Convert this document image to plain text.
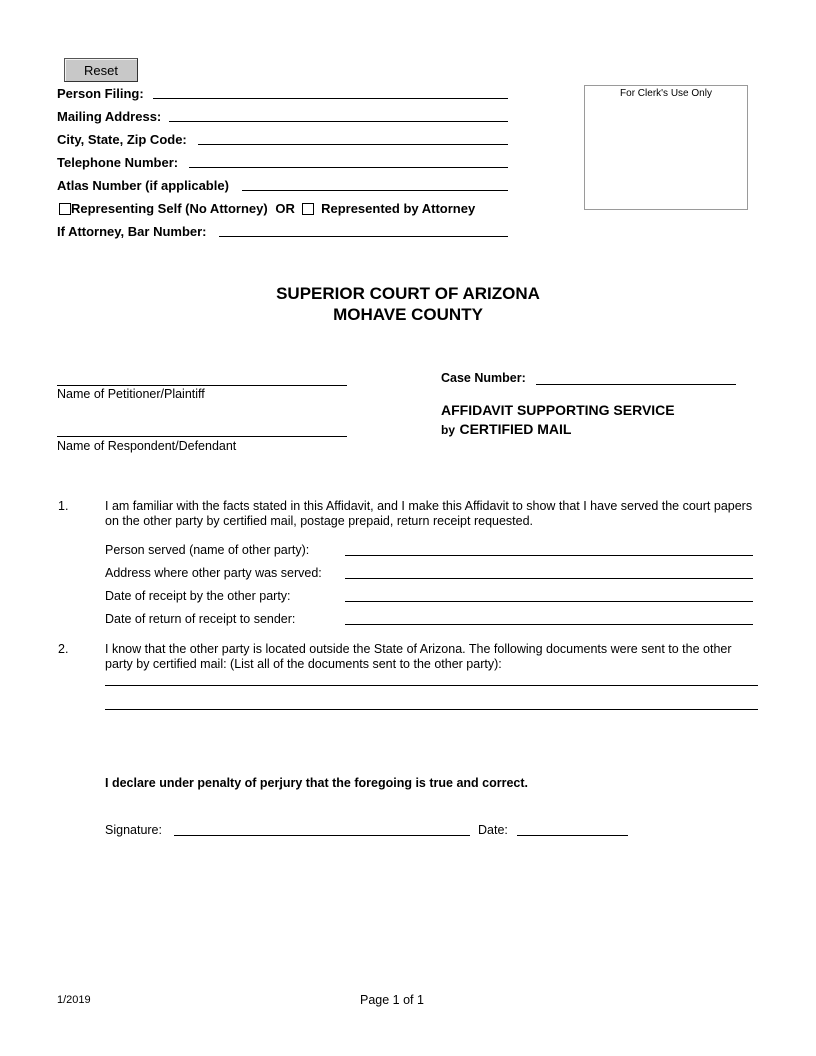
Reset
Person Filing:
Mailing Address:
City, State, Zip Code:
Telephone Number:
Atlas Number (if applicable)
Representing Self (No Attorney) OR Represented by Attorney
If Attorney, Bar Number:
For Clerk's Use Only
SUPERIOR COURT OF ARIZONA
MOHAVE COUNTY
Name of Petitioner/Plaintiff
Name of Respondent/Defendant
Case Number:
AFFIDAVIT SUPPORTING SERVICE
by CERTIFIED MAIL
1.	I am familiar with the facts stated in this Affidavit, and I make this Affidavit to show that I have served the court papers on the other party by certified mail, postage prepaid, return receipt requested.
Person served (name of other party):
Address where other party was served:
Date of receipt by the other party:
Date of return of receipt to sender:
2.	I know that the other party is located outside the State of Arizona. The following documents were sent to the other party by certified mail: (List all of the documents sent to the other party):
I declare under penalty of perjury that the foregoing is true and correct.
Signature:	Date:
1/2019	Page 1 of 1
